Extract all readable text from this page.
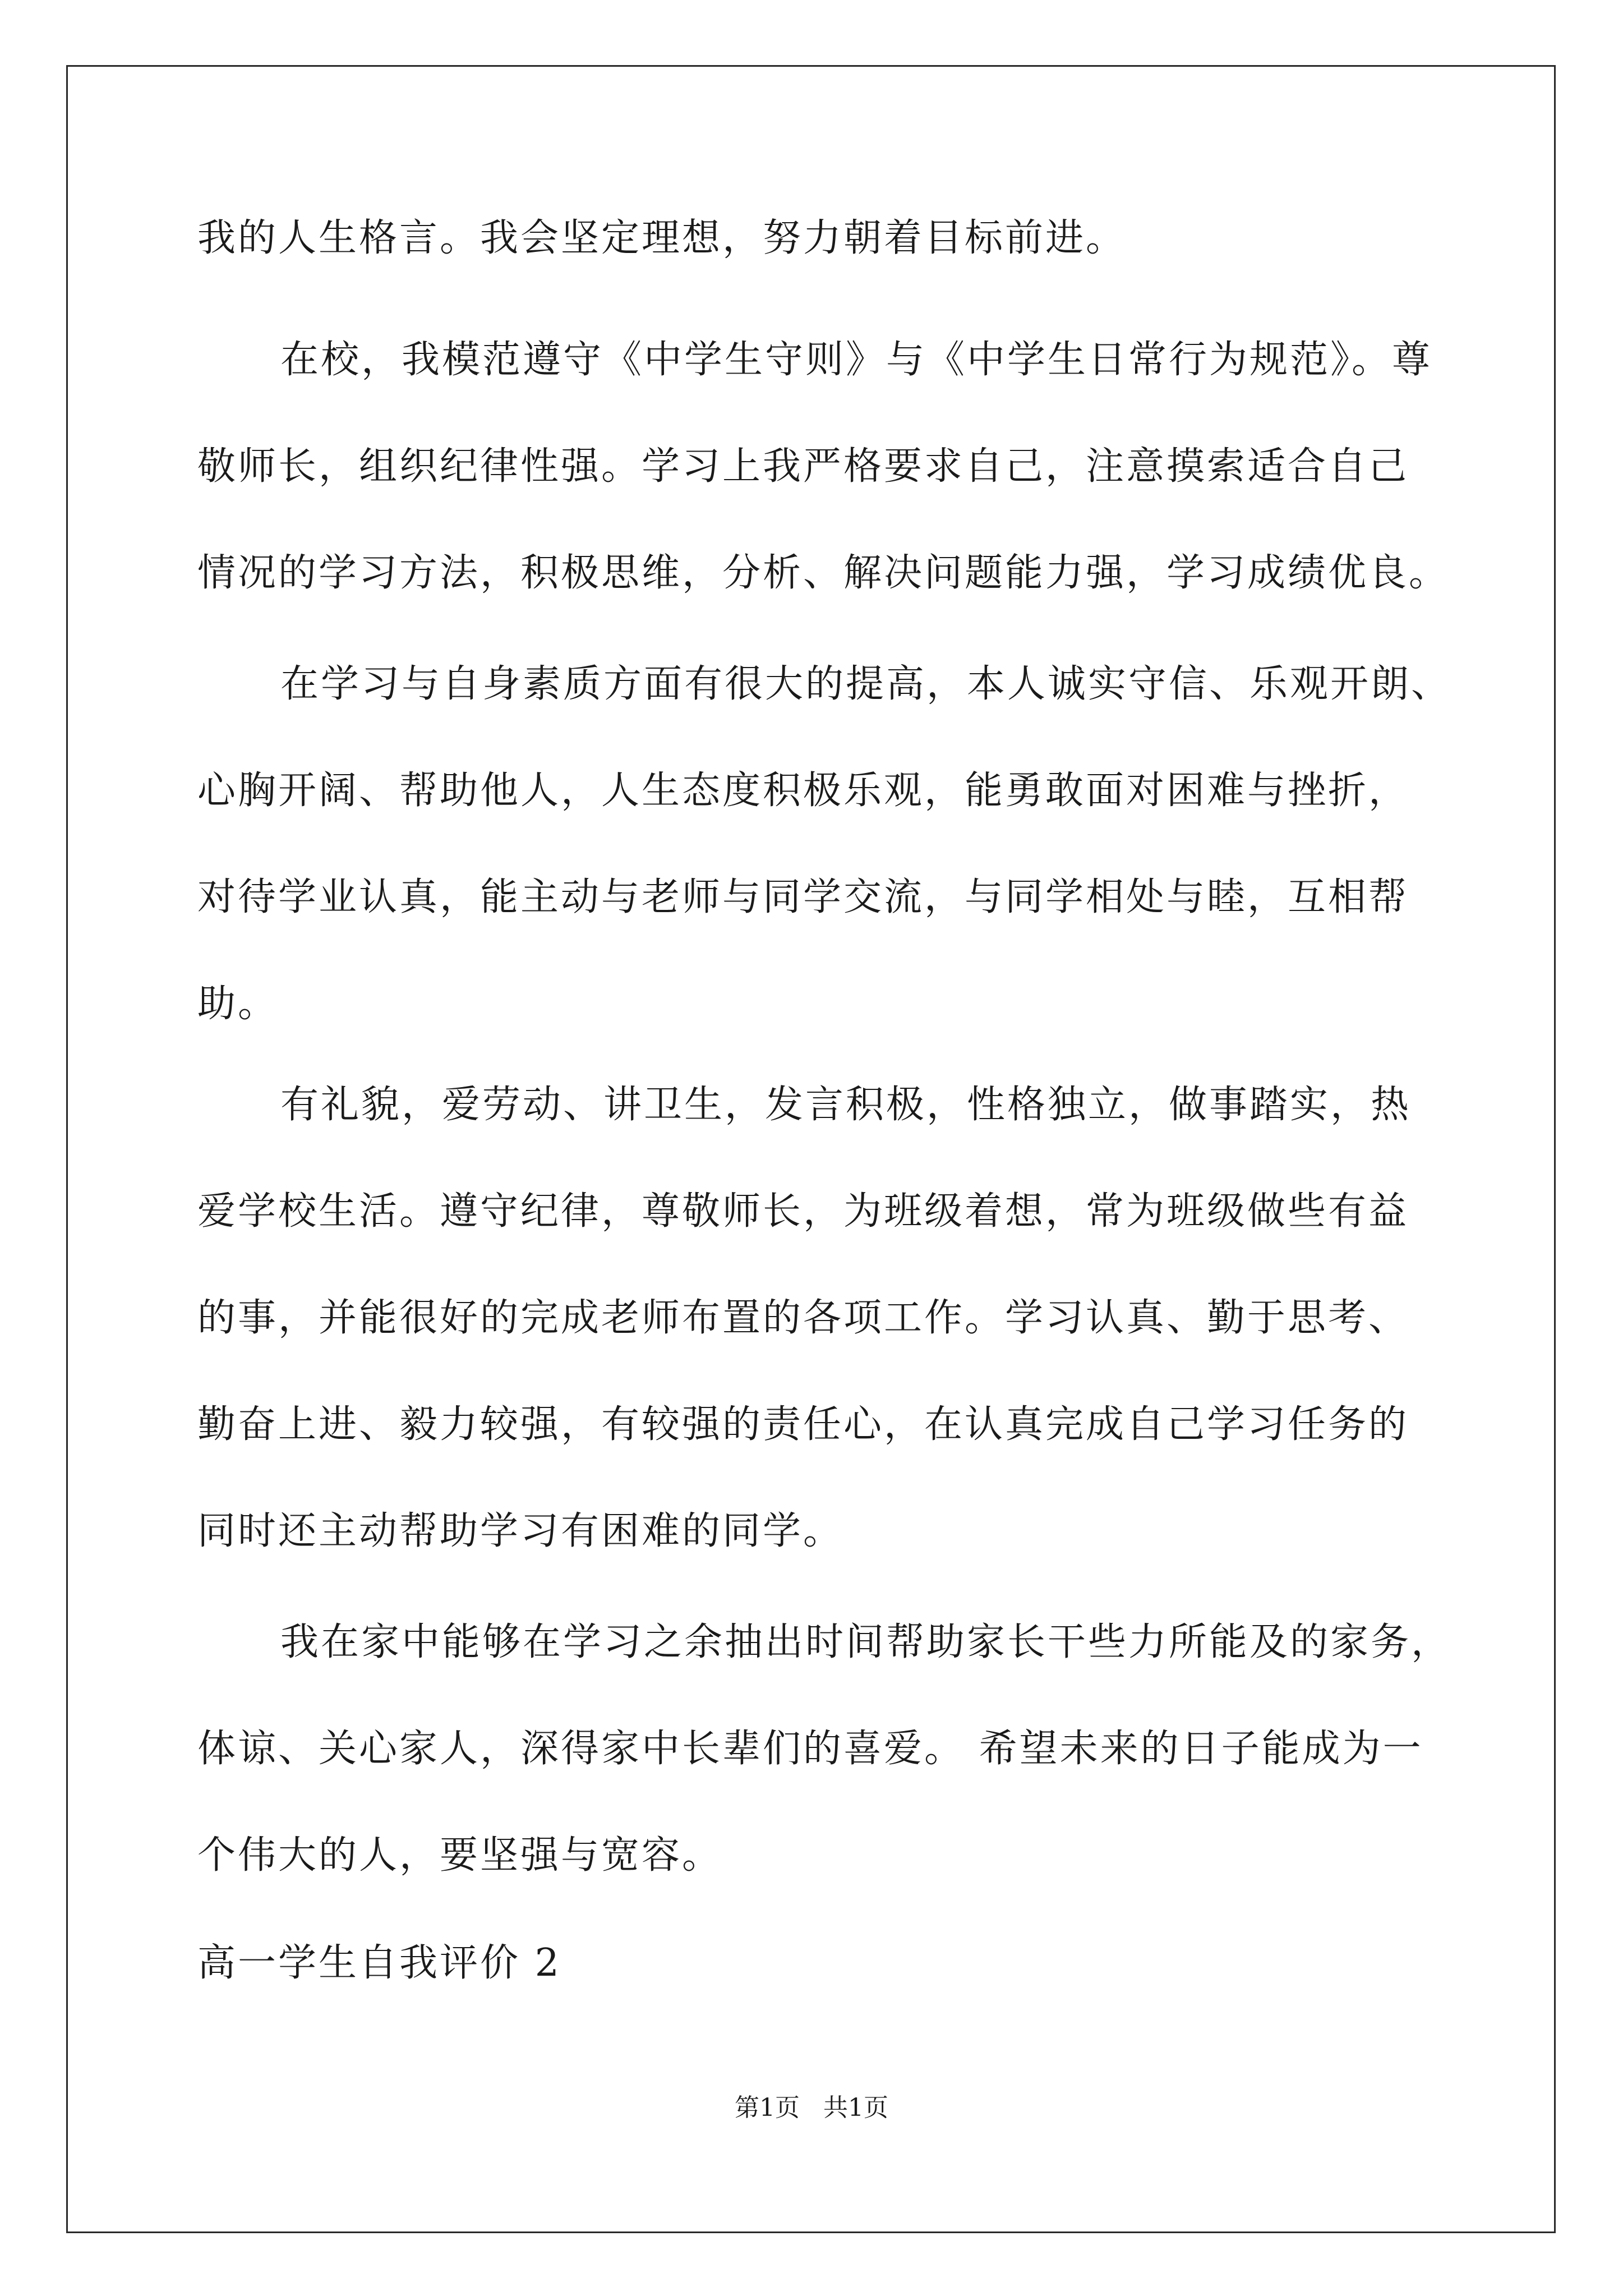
我的人生格言。我会坚定理想，努力朝着目标前进。

在校，我模范遵守《中学生守则》与《中学生日常行为规范》。尊

敬师长，组织纪律性强。学习上我严格要求自己，注意摸索适合自己

情况的学习方法，积极思维，分析、解决问题能力强，学习成绩优良。

在学习与自身素质方面有很大的提高，本人诚实守信、乐观开朗、

心胸开阔、帮助他人，人生态度积极乐观，能勇敢面对困难与挫折，

对待学业认真，能主动与老师与同学交流，与同学相处与睦，互相帮

助。

有礼貌，爱劳动、讲卫生，发言积极，性格独立，做事踏实，热

爱学校生活。遵守纪律，尊敬师长，为班级着想，常为班级做些有益

的事，并能很好的完成老师布置的各项工作。学习认真、勤于思考、

勤奋上进、毅力较强，有较强的责任心，在认真完成自己学习任务的

同时还主动帮助学习有困难的同学。

我在家中能够在学习之余抽出时间帮助家长干些力所能及的家务，

体谅、关心家人，深得家中长辈们的喜爱。 希望未来的日子能成为一

个伟大的人，要坚强与宽容。

高一学生自我评价 2

第1页 共1页
